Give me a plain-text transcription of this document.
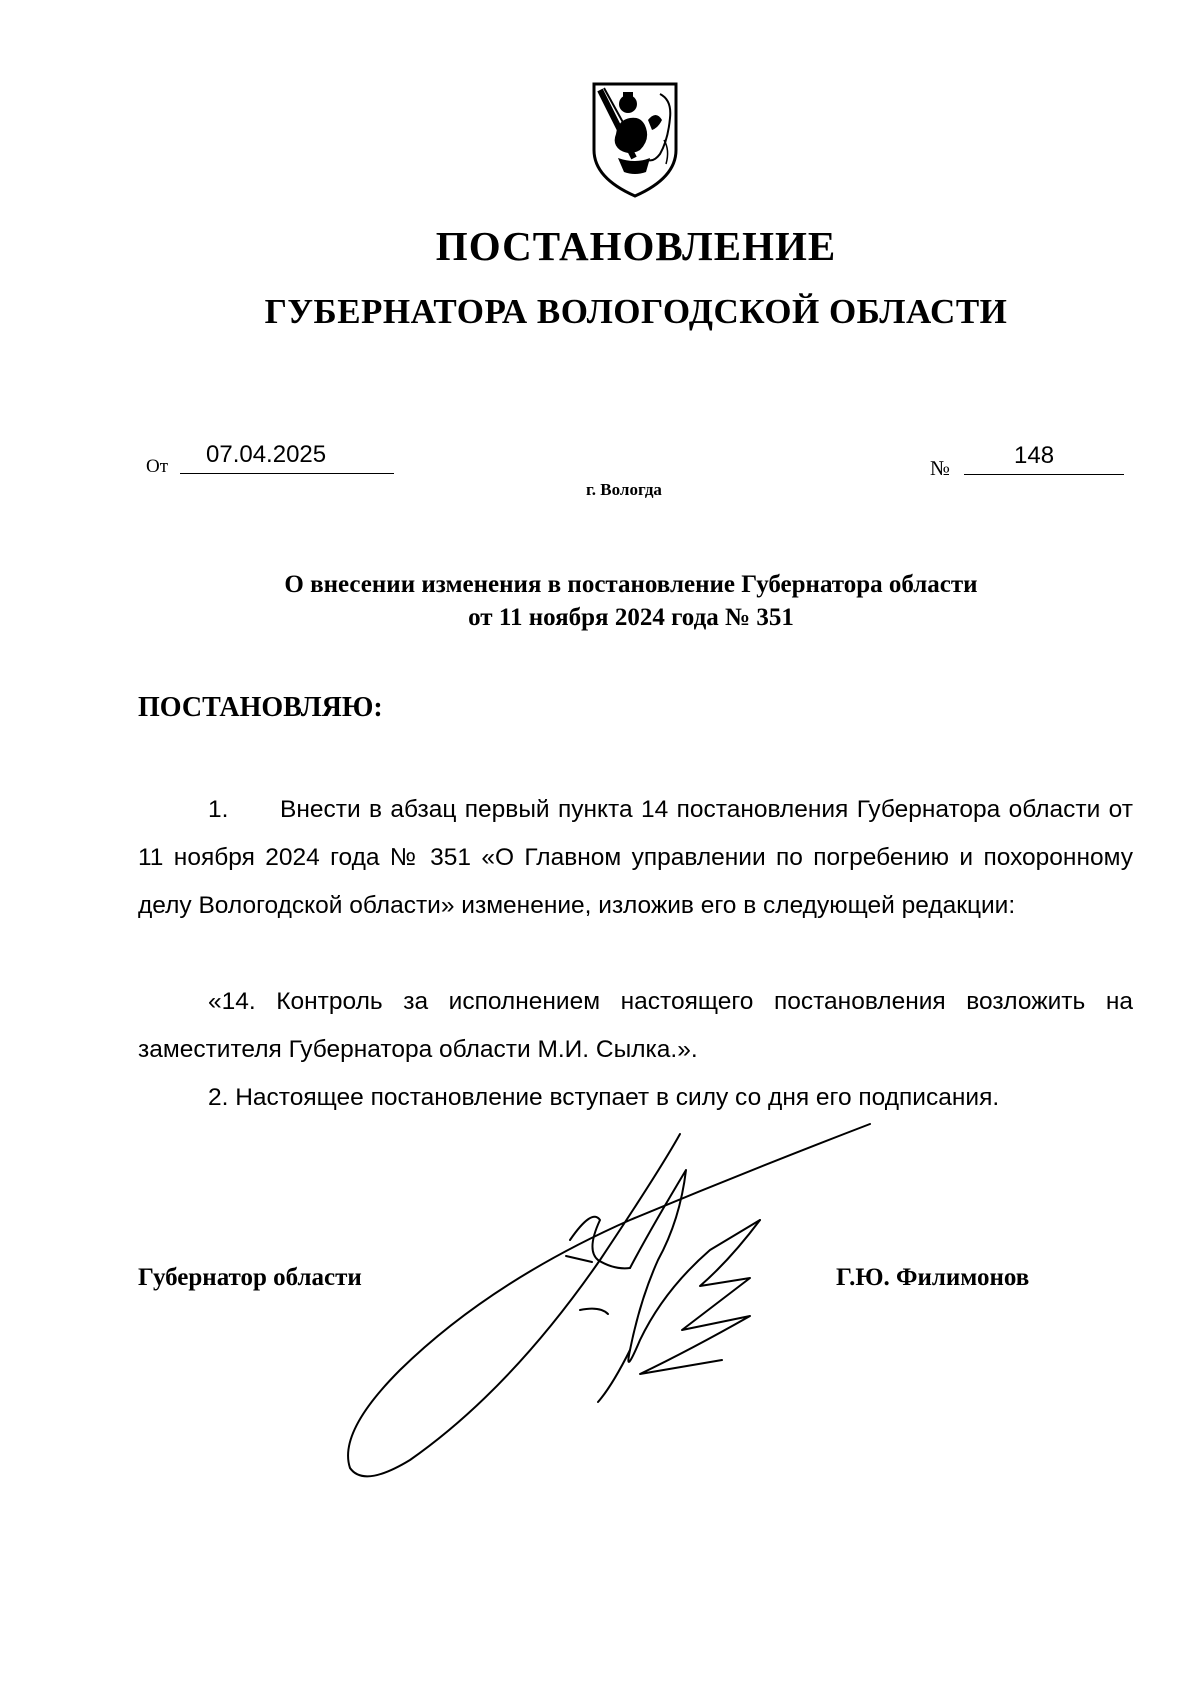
ПОСТАНОВЛЕНИЕ
ГУБЕРНАТОРА ВОЛОГОДСКОЙ ОБЛАСТИ
От 07.04.2025	№	148
г. Вологда
О внесении изменения в постановление Губернатора области
от 11 ноября 2024 года № 351
ПОСТАНОВЛЯЮ:
1. Внести в абзац первый пункта 14 постановления Губернатора области от 11 ноября 2024 года № 351 «О Главном управлении по погребению и похоронному делу Вологодской области» изменение, изложив его в следующей редакции:
«14. Контроль за исполнением настоящего постановления возложить на заместителя Губернатора области М.И. Сылка.».
2. Настоящее постановление вступает в силу со дня его подписания.
Губернатор области	Г.Ю. Филимонов
